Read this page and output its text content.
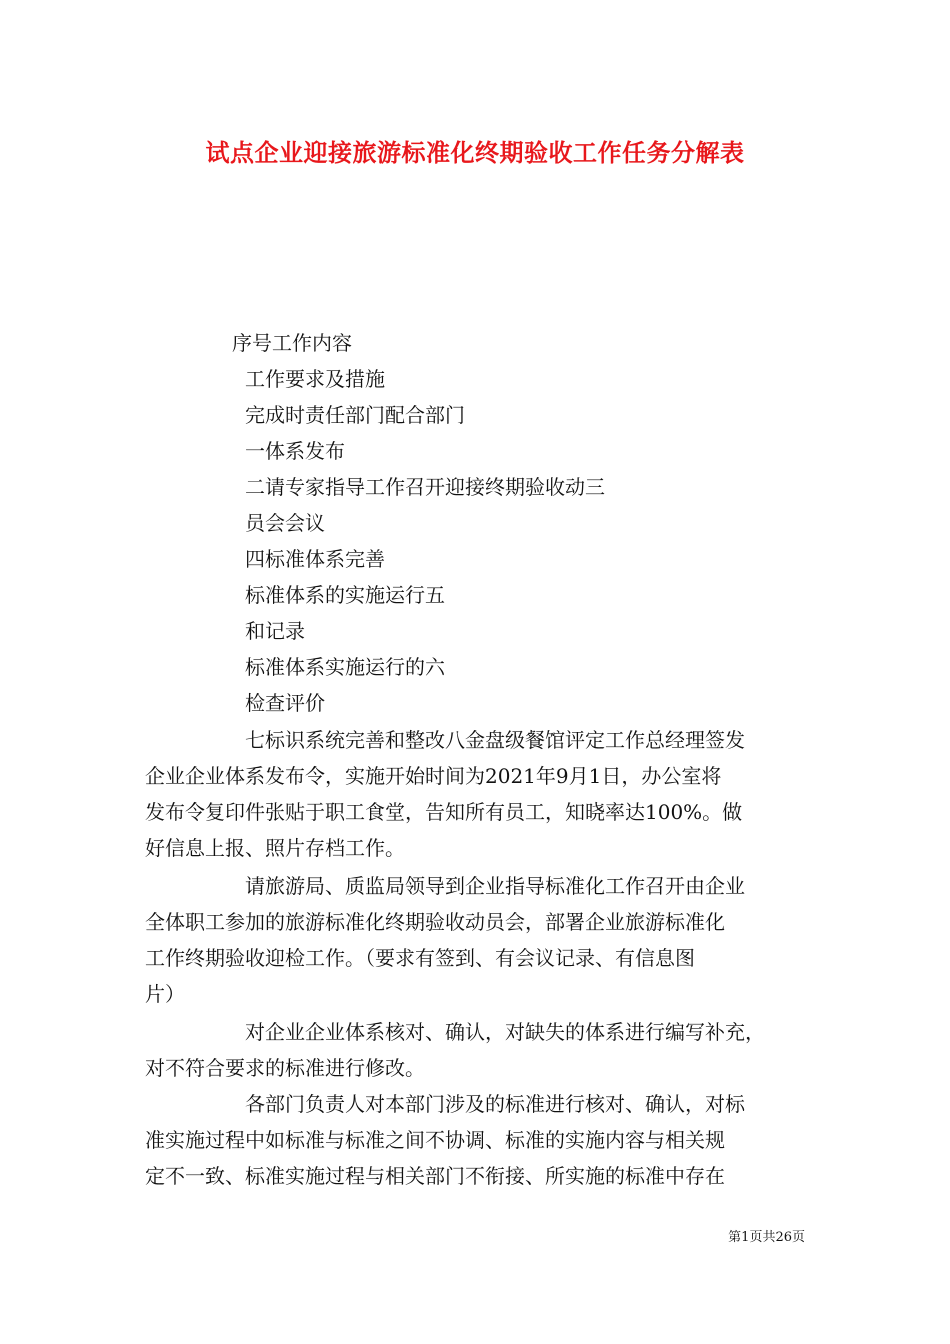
试点企业迎接旅游标准化终期验收工作任务分解表
序号工作内容
工作要求及措施
完成时责任部门配合部门
一体系发布
二请专家指导工作召开迎接终期验收动三
员会会议
四标准体系完善
标准体系的实施运行五
和记录
标准体系实施运行的六
检查评价
七标识系统完善和整改八金盘级餐馆评定工作总经理签发
企业企业体系发布令，实施开始时间为2021年9月1日，办公室将
发布令复印件张贴于职工食堂，告知所有员工，知晓率达100%。做
好信息上报、照片存档工作。
请旅游局、质监局领导到企业指导标准化工作召开由企业
全体职工参加的旅游标准化终期验收动员会，部署企业旅游标准化
工作终期验收迎检工作。（要求有签到、有会议记录、有信息图
片）
对企业企业体系核对、确认，对缺失的体系进行编写补充，
对不符合要求的标准进行修改。
各部门负责人对本部门涉及的标准进行核对、确认，对标
准实施过程中如标准与标准之间不协调、标准的实施内容与相关规
定不一致、标准实施过程与相关部门不衔接、所实施的标准中存在
第1页共26页
